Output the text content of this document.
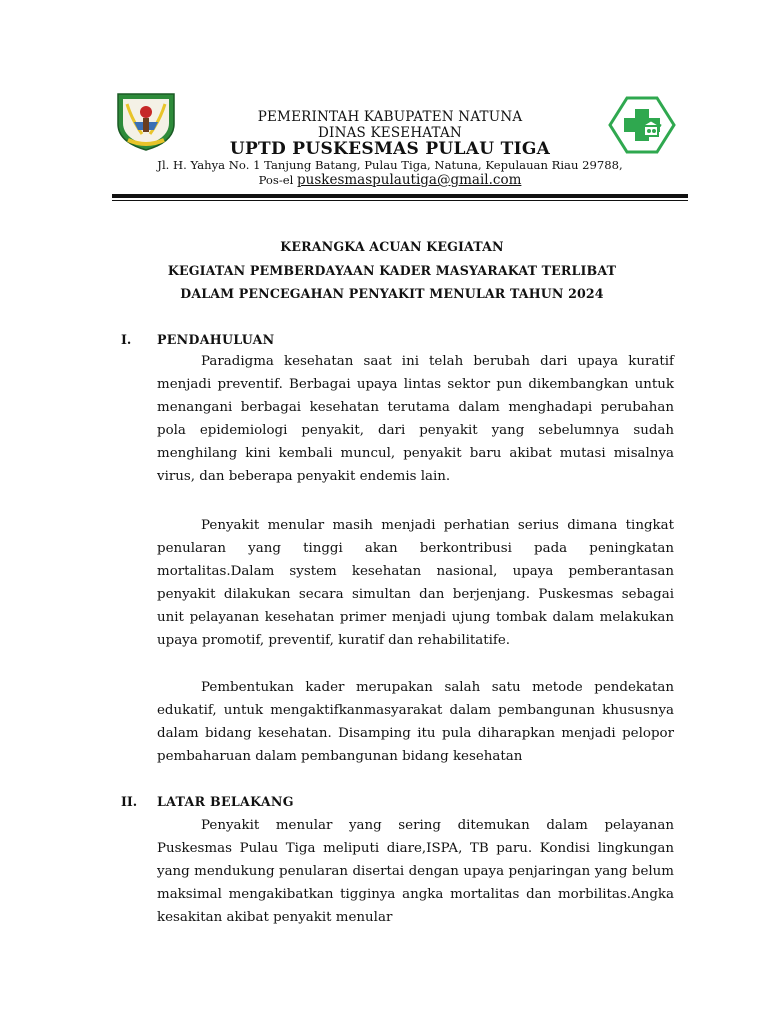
PEMERINTAH KABUPATEN NATUNA
DINAS KESEHATAN
UPTD PUSKESMAS PULAU TIGA
Jl. H. Yahya No. 1 Tanjung Batang, Pulau Tiga, Natuna, Kepulauan Riau 29788,
Pos-el puskesmaspulautiga@gmail.com
KERANGKA ACUAN KEGIATAN
KEGIATAN PEMBERDAYAAN KADER MASYARAKAT TERLIBAT
DALAM PENCEGAHAN PENYAKIT MENULAR TAHUN 2024
I. PENDAHULUAN

Paradigma kesehatan saat ini telah berubah dari upaya kuratif menjadi preventif. Berbagai upaya lintas sektor pun dikembangkan untuk menangani berbagai kesehatan terutama dalam menghadapi perubahan pola epidemiologi penyakit, dari penyakit yang sebelumnya sudah menghilang kini kembali muncul, penyakit baru akibat mutasi misalnya virus, dan beberapa penyakit endemis lain.

Penyakit menular masih menjadi perhatian serius dimana tingkat penularan yang tinggi akan berkontribusi pada peningkatan mortalitas.Dalam system kesehatan nasional, upaya pemberantasan penyakit dilakukan secara simultan dan berjenjang. Puskesmas sebagai unit pelayanan kesehatan primer menjadi ujung tombak dalam melakukan upaya promotif, preventif, kuratif dan rehabilitatife.

Pembentukan kader merupakan salah satu metode pendekatan edukatif, untuk mengaktifkanmasyarakat dalam pembangunan khususnya dalam bidang kesehatan. Disamping itu pula diharapkan menjadi pelopor pembaharuan dalam pembangunan bidang kesehatan

II. LATAR BELAKANG

Penyakit menular yang sering ditemukan dalam pelayanan Puskesmas Pulau Tiga meliputi diare,ISPA, TB paru. Kondisi lingkungan yang mendukung penularan disertai dengan upaya penjaringan yang belum maksimal mengakibatkan tigginya angka mortalitas dan morbilitas.Angka kesakitan akibat penyakit menular
